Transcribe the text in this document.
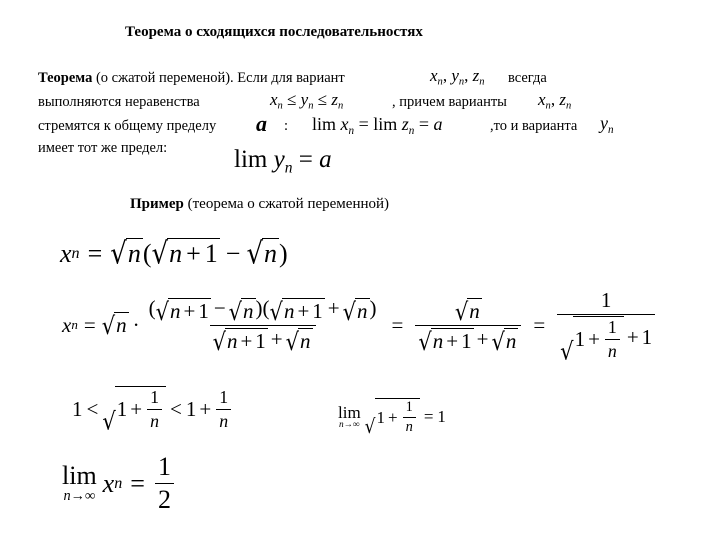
Теорема о сходящихся последовательностях
Теорема (о сжатой переменой). Если для вариант	$x_n$, $y_n$, $z_n$ всегда
выполняются неравенства	$x_n \le y_n \le z_n$	, причем варианты $x_n$, $z_n$
стремятся к общему пределу a : $\lim x_n = \lim z_n = a$	,то и варианта $y_n$
имеет тот же предел:	$\lim y_n = a$
Пример (теорема о сжатой переменной)
x n = √ n ( √ n + 1 − √ n )
x n = √ $n \cdot \frac{( √ n + 1 - √ n )( √ n + 1 + √ n )}{√ n + 1 + √ n} = \frac{√ n}{√ n + 1 + √ n} = \frac{1}{√ 1 + \frac{1}{n} + 1}$
1 < √ $1 + \frac{1}{n} < 1 + \frac{1}{n}$	lim
n→∞ √ $1 + \frac{1}{n} = 1$
lim
n→∞ x $n = \frac{1}{2}$
